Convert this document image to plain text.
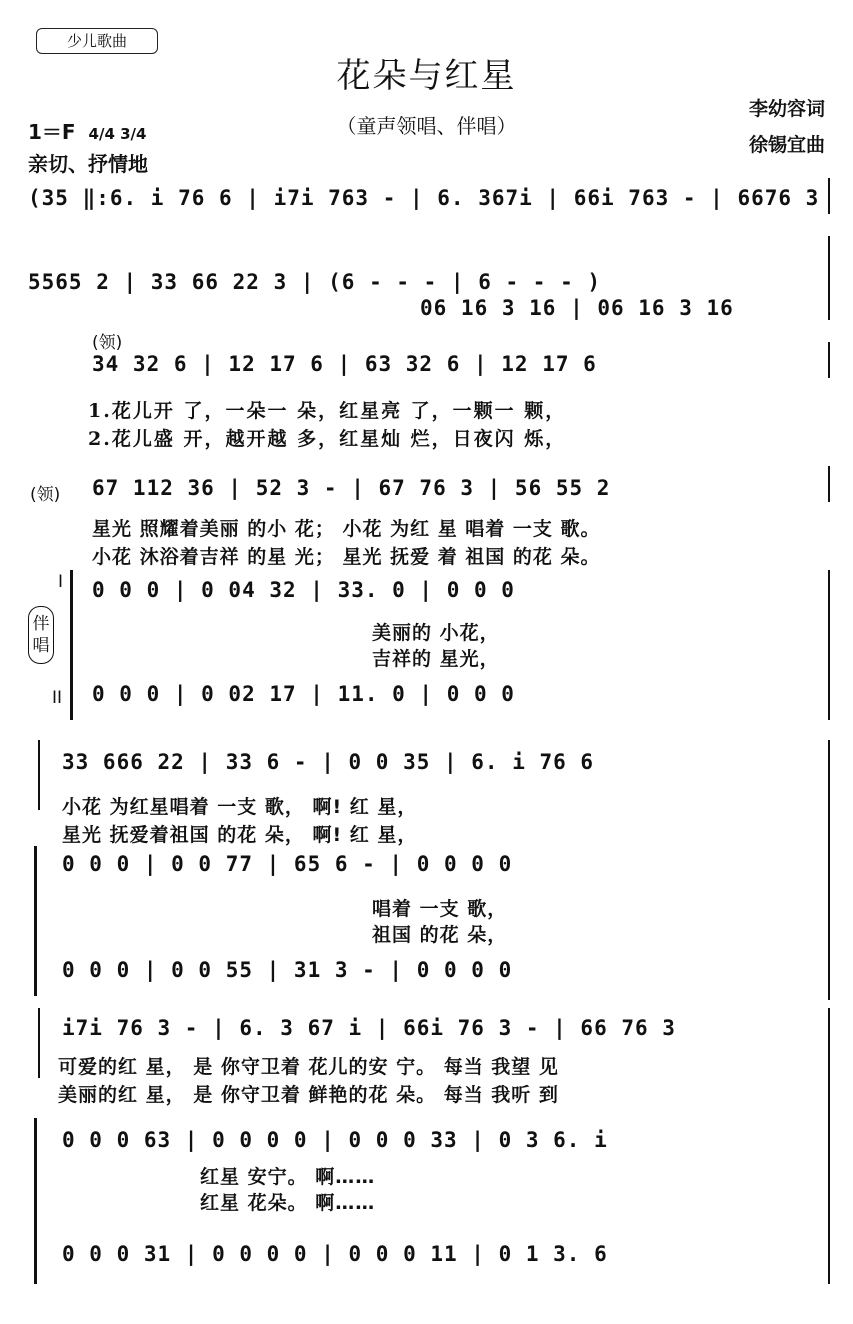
少儿歌曲
花朵与红星
（童声领唱、伴唱）
1＝F 4/4 3/4
亲切、抒情地
李幼容词
徐锡宜曲
(35 ‖:6. i 76 6 | i7i 763 - | 6. 367i | 66i 763 - | 6676 3
5565 2 | 33 66 22 3 | (6 - - - | 6 - - - )
06 16 3 16 | 06 16 3 16
(领)
34 32 6 | 12 17 6 | 63 32 6 | 12 17 6
1.花儿开 了，一朵一 朵，红星亮 了，一颗一 颗，
2.花儿盛 开，越开越 多，红星灿 烂，日夜闪 烁，
(领) 67 112 36 | 52 3 - | 67 76 3 | 56 55 2
星光 照耀着美丽 的小 花； 小花 为红 星 唱着 一支 歌。
小花 沐浴着吉祥 的星 光； 星光 抚爱 着 祖国 的花 朵。
伴唱
I
II
0 0 0 | 0 04 32 | 33. 0 | 0 0 0
美丽的 小花，
吉祥的 星光，
0 0 0 | 0 02 17 | 11. 0 | 0 0 0
33 666 22 | 33 6 - | 0 0 35 | 6. i 76 6
小花 为红星唱着 一支 歌， 啊! 红 星，
星光 抚爱着祖国 的花 朵， 啊! 红 星，
0 0 0 | 0 0 77 | 65 6 - | 0 0 0 0
唱着 一支 歌，
祖国 的花 朵，
0 0 0 | 0 0 55 | 31 3 - | 0 0 0 0
i7i 76 3 - | 6. 3 67 i | 66i 76 3 - | 66 76 3
可爱的红 星， 是 你守卫着 花儿的安 宁。 每当 我望 见
美丽的红 星， 是 你守卫着 鲜艳的花 朵。 每当 我听 到
0 0 0 63 | 0 0 0 0 | 0 0 0 33 | 0 3 6. i
红星 安宁。 啊……
红星 花朵。 啊……
0 0 0 31 | 0 0 0 0 | 0 0 0 11 | 0 1 3. 6
